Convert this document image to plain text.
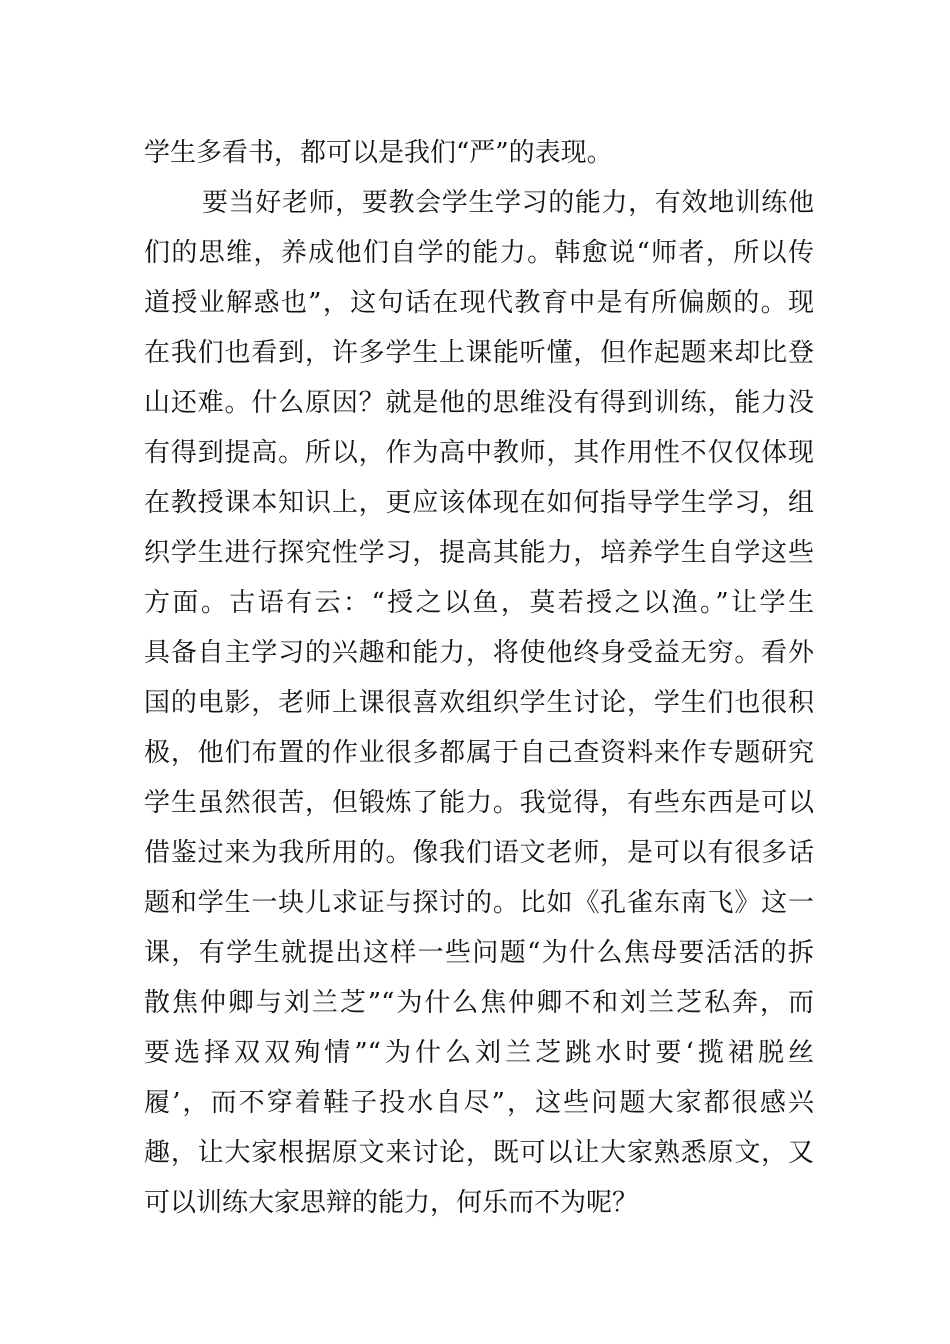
学生多看书，都可以是我们“严”的表现。
要当好老师，要教会学生学习的能力，有效地训练他
们的思维，养成他们自学的能力。韩愈说“师者，所以传
道授业解惑也”，这句话在现代教育中是有所偏颇的。现
在我们也看到，许多学生上课能听懂，但作起题来却比登
山还难。什么原因？就是他的思维没有得到训练，能力没
有得到提高。所以，作为高中教师，其作用性不仅仅体现
在教授课本知识上，更应该体现在如何指导学生学习，组
织学生进行探究性学习，提高其能力，培养学生自学这些
方面。古语有云：“授之以鱼，莫若授之以渔。”让学生
具备自主学习的兴趣和能力，将使他终身受益无穷。看外
国的电影，老师上课很喜欢组织学生讨论，学生们也很积
极，他们布置的作业很多都属于自己查资料来作专题研究
学生虽然很苦，但锻炼了能力。我觉得，有些东西是可以
借鉴过来为我所用的。像我们语文老师，是可以有很多话
题和学生一块儿求证与探讨的。比如《孔雀东南飞》这一
课，有学生就提出这样一些问题“为什么焦母要活活的拆
散焦仲卿与刘兰芝”“为什么焦仲卿不和刘兰芝私奔，而
要选择双双殉情”“为什么刘兰芝跳水时要‘揽裙脱丝
履’，而不穿着鞋子投水自尽”，这些问题大家都很感兴
趣，让大家根据原文来讨论，既可以让大家熟悉原文，又
可以训练大家思辩的能力，何乐而不为呢？
